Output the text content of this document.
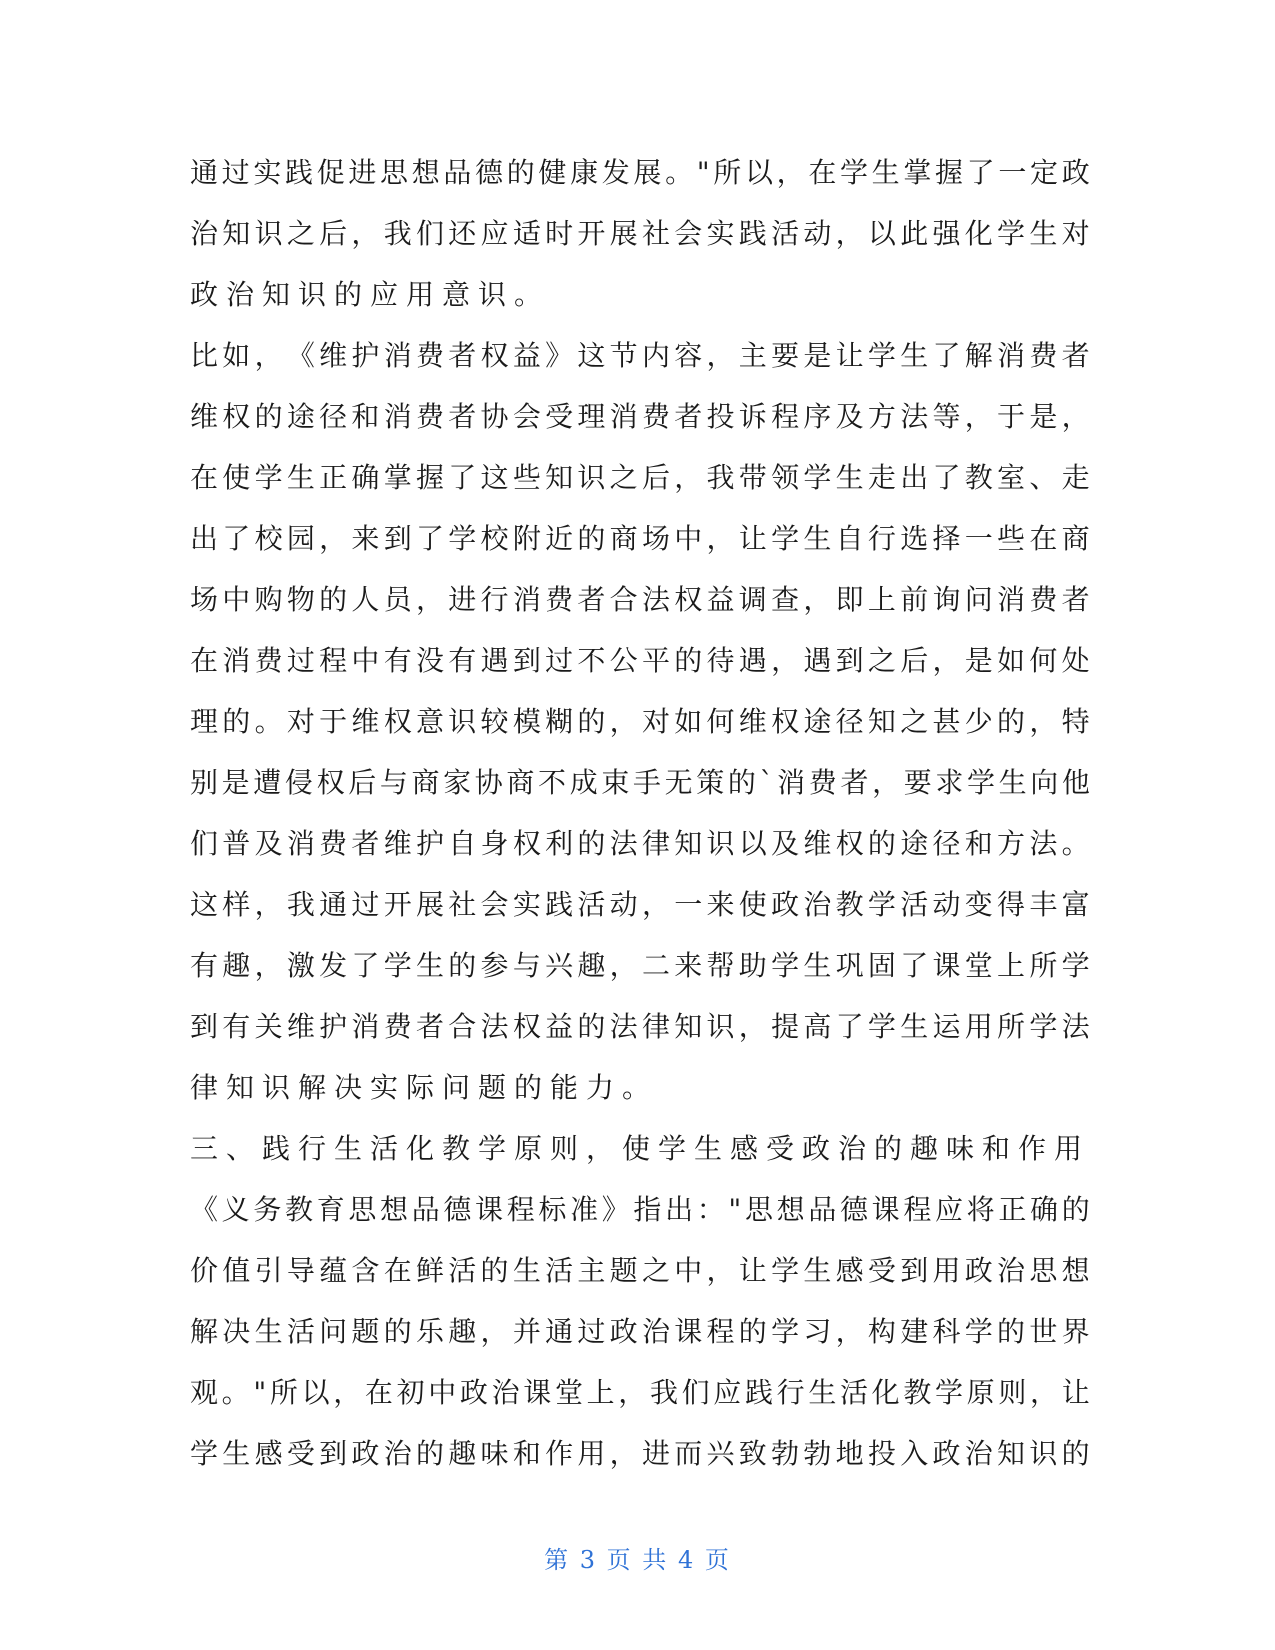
通 过 实 践 促 进 思 想 品 德 的 健 康 发 展 。 " 所 以 ， 在 学 生 掌 握 了 一 定 政
治 知 识 之 后 ， 我 们 还 应 适 时 开 展 社 会 实 践 活 动 ， 以 此 强 化 学 生 对
政治知识的应用意识。
比 如 ， 《 维 护 消 费 者 权 益 》 这 节 内 容 ， 主 要 是 让 学 生 了 解 消 费 者
维 权 的 途 径 和 消 费 者 协 会 受 理 消 费 者 投 诉 程 序 及 方 法 等 ， 于 是 ，
在 使 学 生 正 确 掌 握 了 这 些 知 识 之 后 ， 我 带 领 学 生 走 出 了 教 室 、 走
出 了 校 园 ， 来 到 了 学 校 附 近 的 商 场 中 ， 让 学 生 自 行 选 择 一 些 在 商
场 中 购 物 的 人 员 ， 进 行 消 费 者 合 法 权 益 调 查 ， 即 上 前 询 问 消 费 者
在 消 费 过 程 中 有 没 有 遇 到 过 不 公 平 的 待 遇 ， 遇 到 之 后 ， 是 如 何 处
理 的 。 对 于 维 权 意 识 较 模 糊 的 ， 对 如 何 维 权 途 径 知 之 甚 少 的 ， 特
别 是 遭 侵 权 后 与 商 家 协 商 不 成 束 手 无 策 的 ` 消 费 者 ， 要 求 学 生 向 他
们 普 及 消 费 者 维 护 自 身 权 利 的 法 律 知 识 以 及 维 权 的 途 径 和 方 法 。
这 样 ， 我 通 过 开 展 社 会 实 践 活 动 ， 一 来 使 政 治 教 学 活 动 变 得 丰 富
有 趣 ， 激 发 了 学 生 的 参 与 兴 趣 ， 二 来 帮 助 学 生 巩 固 了 课 堂 上 所 学
到 有 关 维 护 消 费 者 合 法 权 益 的 法 律 知 识 ， 提 高 了 学 生 运 用 所 学 法
律知识解决实际问题的能力。
三、践行生活化教学原则，使学生感受政治的趣味和作用
《 义 务 教 育 思 想 品 德 课 程 标 准 》 指 出 ： " 思 想 品 德 课 程 应 将 正 确 的
价 值 引 导 蕴 含 在 鲜 活 的 生 活 主 题 之 中 ， 让 学 生 感 受 到 用 政 治 思 想
解 决 生 活 问 题 的 乐 趣 ， 并 通 过 政 治 课 程 的 学 习 ， 构 建 科 学 的 世 界
观 。 " 所 以 ， 在 初 中 政 治 课 堂 上 ， 我 们 应 践 行 生 活 化 教 学 原 则 ， 让
学 生 感 受 到 政 治 的 趣 味 和 作 用 ， 进 而 兴 致 勃 勃 地 投 入 政 治 知 识 的
第 3 页 共 4 页
